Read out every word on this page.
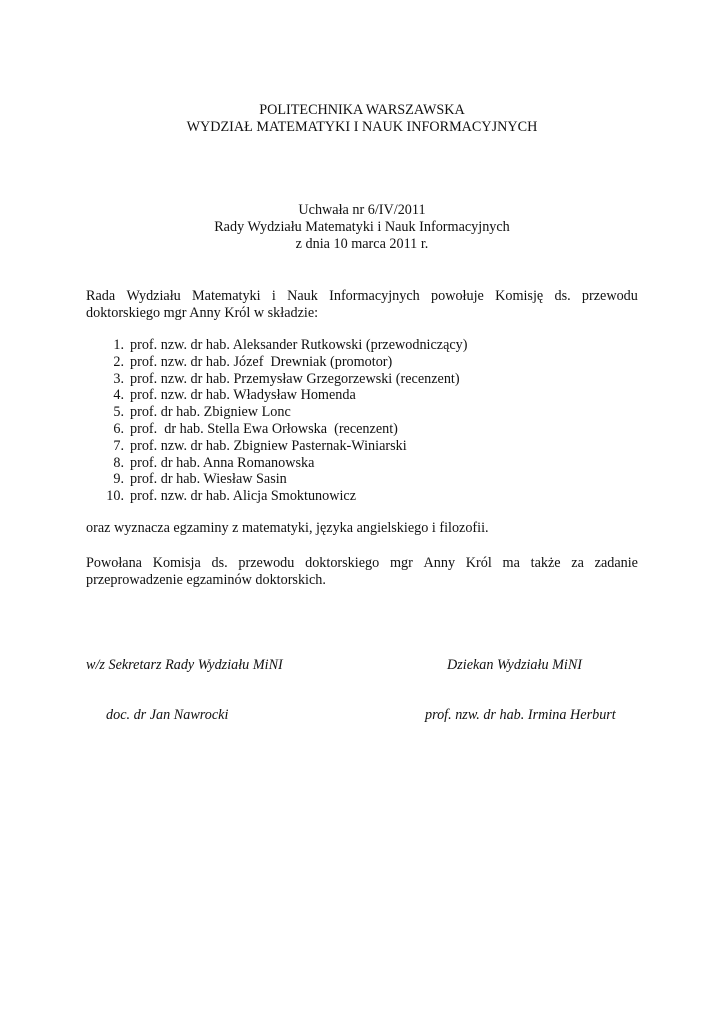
POLITECHNIKA WARSZAWSKA
WYDZIAŁ MATEMATYKI I NAUK INFORMACYJNYCH
Uchwała nr 6/IV/2011
Rady Wydziału Matematyki i Nauk Informacyjnych
z dnia 10 marca 2011 r.
Rada Wydziału Matematyki i Nauk Informacyjnych powołuje Komisję ds. przewodu
doktorskiego mgr Anny Król w składzie:
1. prof. nzw. dr hab. Aleksander Rutkowski (przewodniczący)
2. prof. nzw. dr hab. Józef  Drewniak (promotor)
3. prof. nzw. dr hab. Przemysław Grzegorzewski (recenzent)
4. prof. nzw. dr hab. Władysław Homenda
5. prof. dr hab. Zbigniew Lonc
6. prof.  dr hab. Stella Ewa Orłowska  (recenzent)
7. prof. nzw. dr hab. Zbigniew Pasternak-Winiarski
8. prof. dr hab. Anna Romanowska
9. prof. dr hab. Wiesław Sasin
10. prof. nzw. dr hab. Alicja Smoktunowicz
oraz wyznacza egzaminy z matematyki, języka angielskiego i filozofii.
Powołana Komisja ds. przewodu doktorskiego mgr Anny Król ma także za zadanie
przeprowadzenie egzaminów doktorskich.
w/z Sekretarz Rady Wydziału MiNI	Dziekan Wydziału MiNI
doc. dr Jan Nawrocki	prof. nzw. dr hab. Irmina Herburt
